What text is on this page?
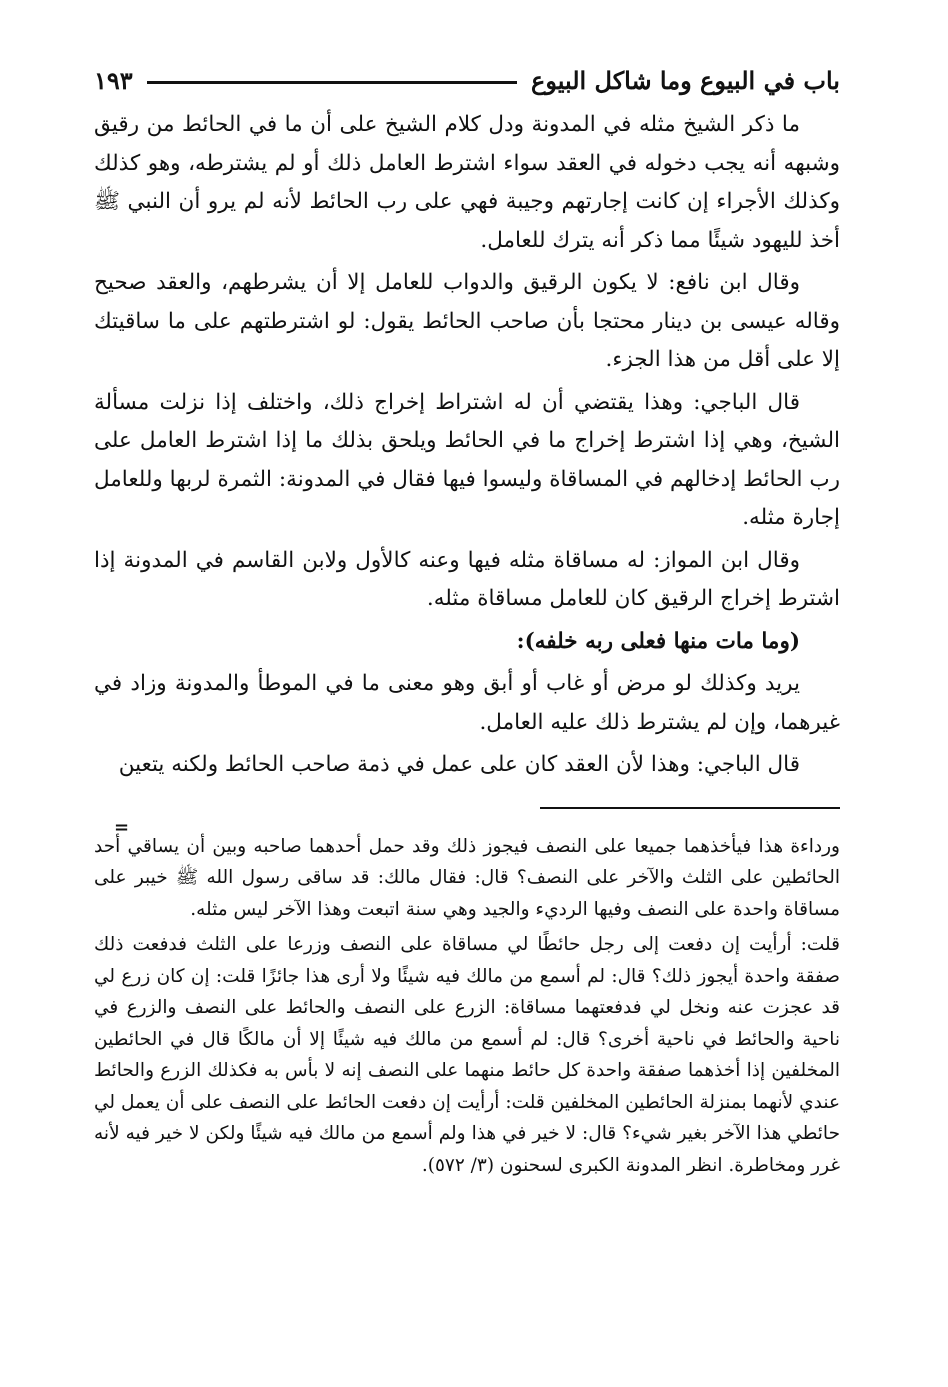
باب في البيوع وما شاكل البيوع
١٩٣

ما ذكر الشيخ مثله في المدونة ودل كلام الشيخ على أن ما في الحائط من رقيق وشبهه أنه يجب دخوله في العقد سواء اشترط العامل ذلك أو لم يشترطه، وهو كذلك وكذلك الأجراء إن كانت إجارتهم وجيبة فهي على رب الحائط لأنه لم يرو أن النبي ﷺ أخذ لليهود شيئًا مما ذكر أنه يترك للعامل.

وقال ابن نافع: لا يكون الرقيق والدواب للعامل إلا أن يشرطهم، والعقد صحيح وقاله عيسى بن دينار محتجا بأن صاحب الحائط يقول: لو اشترطتهم على ما ساقيتك إلا على أقل من هذا الجزء.

قال الباجي: وهذا يقتضي أن له اشتراط إخراج ذلك، واختلف إذا نزلت مسألة الشيخ، وهي إذا اشترط إخراج ما في الحائط ويلحق بذلك ما إذا اشترط العامل على رب الحائط إدخالهم في المساقاة وليسوا فيها فقال في المدونة: الثمرة لربها وللعامل إجارة مثله.

وقال ابن المواز: له مساقاة مثله فيها وعنه كالأول ولابن القاسم في المدونة إذا اشترط إخراج الرقيق كان للعامل مساقاة مثله.

(وما مات منها فعلى ربه خلفه):

يريد وكذلك لو مرض أو غاب أو أبق وهو معنى ما في الموطأ والمدونة وزاد في غيرهما، وإن لم يشترط ذلك عليه العامل.

قال الباجي: وهذا لأن العقد كان على عمل في ذمة صاحب الحائط ولكنه يتعين

=

ورداءة هذا فيأخذهما جميعا على النصف فيجوز ذلك وقد حمل أحدهما صاحبه وبين أن يساقي أحد الحائطين على الثلث والآخر على النصف؟ قال: فقال مالك: قد ساقى رسول الله ﷺ خيبر على مساقاة واحدة على النصف وفيها الرديء والجيد وهي سنة اتبعت وهذا الآخر ليس مثله.

قلت: أرأيت إن دفعت إلى رجل حائطًا لي مساقاة على النصف وزرعا على الثلث فدفعت ذلك صفقة واحدة أيجوز ذلك؟ قال: لم أسمع من مالك فيه شيئًا ولا أرى هذا جائزًا قلت: إن كان زرع لي قد عجزت عنه ونخل لي فدفعتهما مساقاة: الزرع على النصف والحائط على النصف والزرع في ناحية والحائط في ناحية أخرى؟ قال: لم أسمع من مالك فيه شيئًا إلا أن مالكًا قال في الحائطين المخلفين إذا أخذهما صفقة واحدة كل حائط منهما على النصف إنه لا بأس به فكذلك الزرع والحائط عندي لأنهما بمنزلة الحائطين المخلفين قلت: أرأيت إن دفعت الحائط على النصف على أن يعمل لي حائطي هذا الآخر بغير شيء؟ قال: لا خير في هذا ولم أسمع من مالك فيه شيئًا ولكن لا خير فيه لأنه غرر ومخاطرة. انظر المدونة الكبرى لسحنون (٣/ ٥٧٢).
